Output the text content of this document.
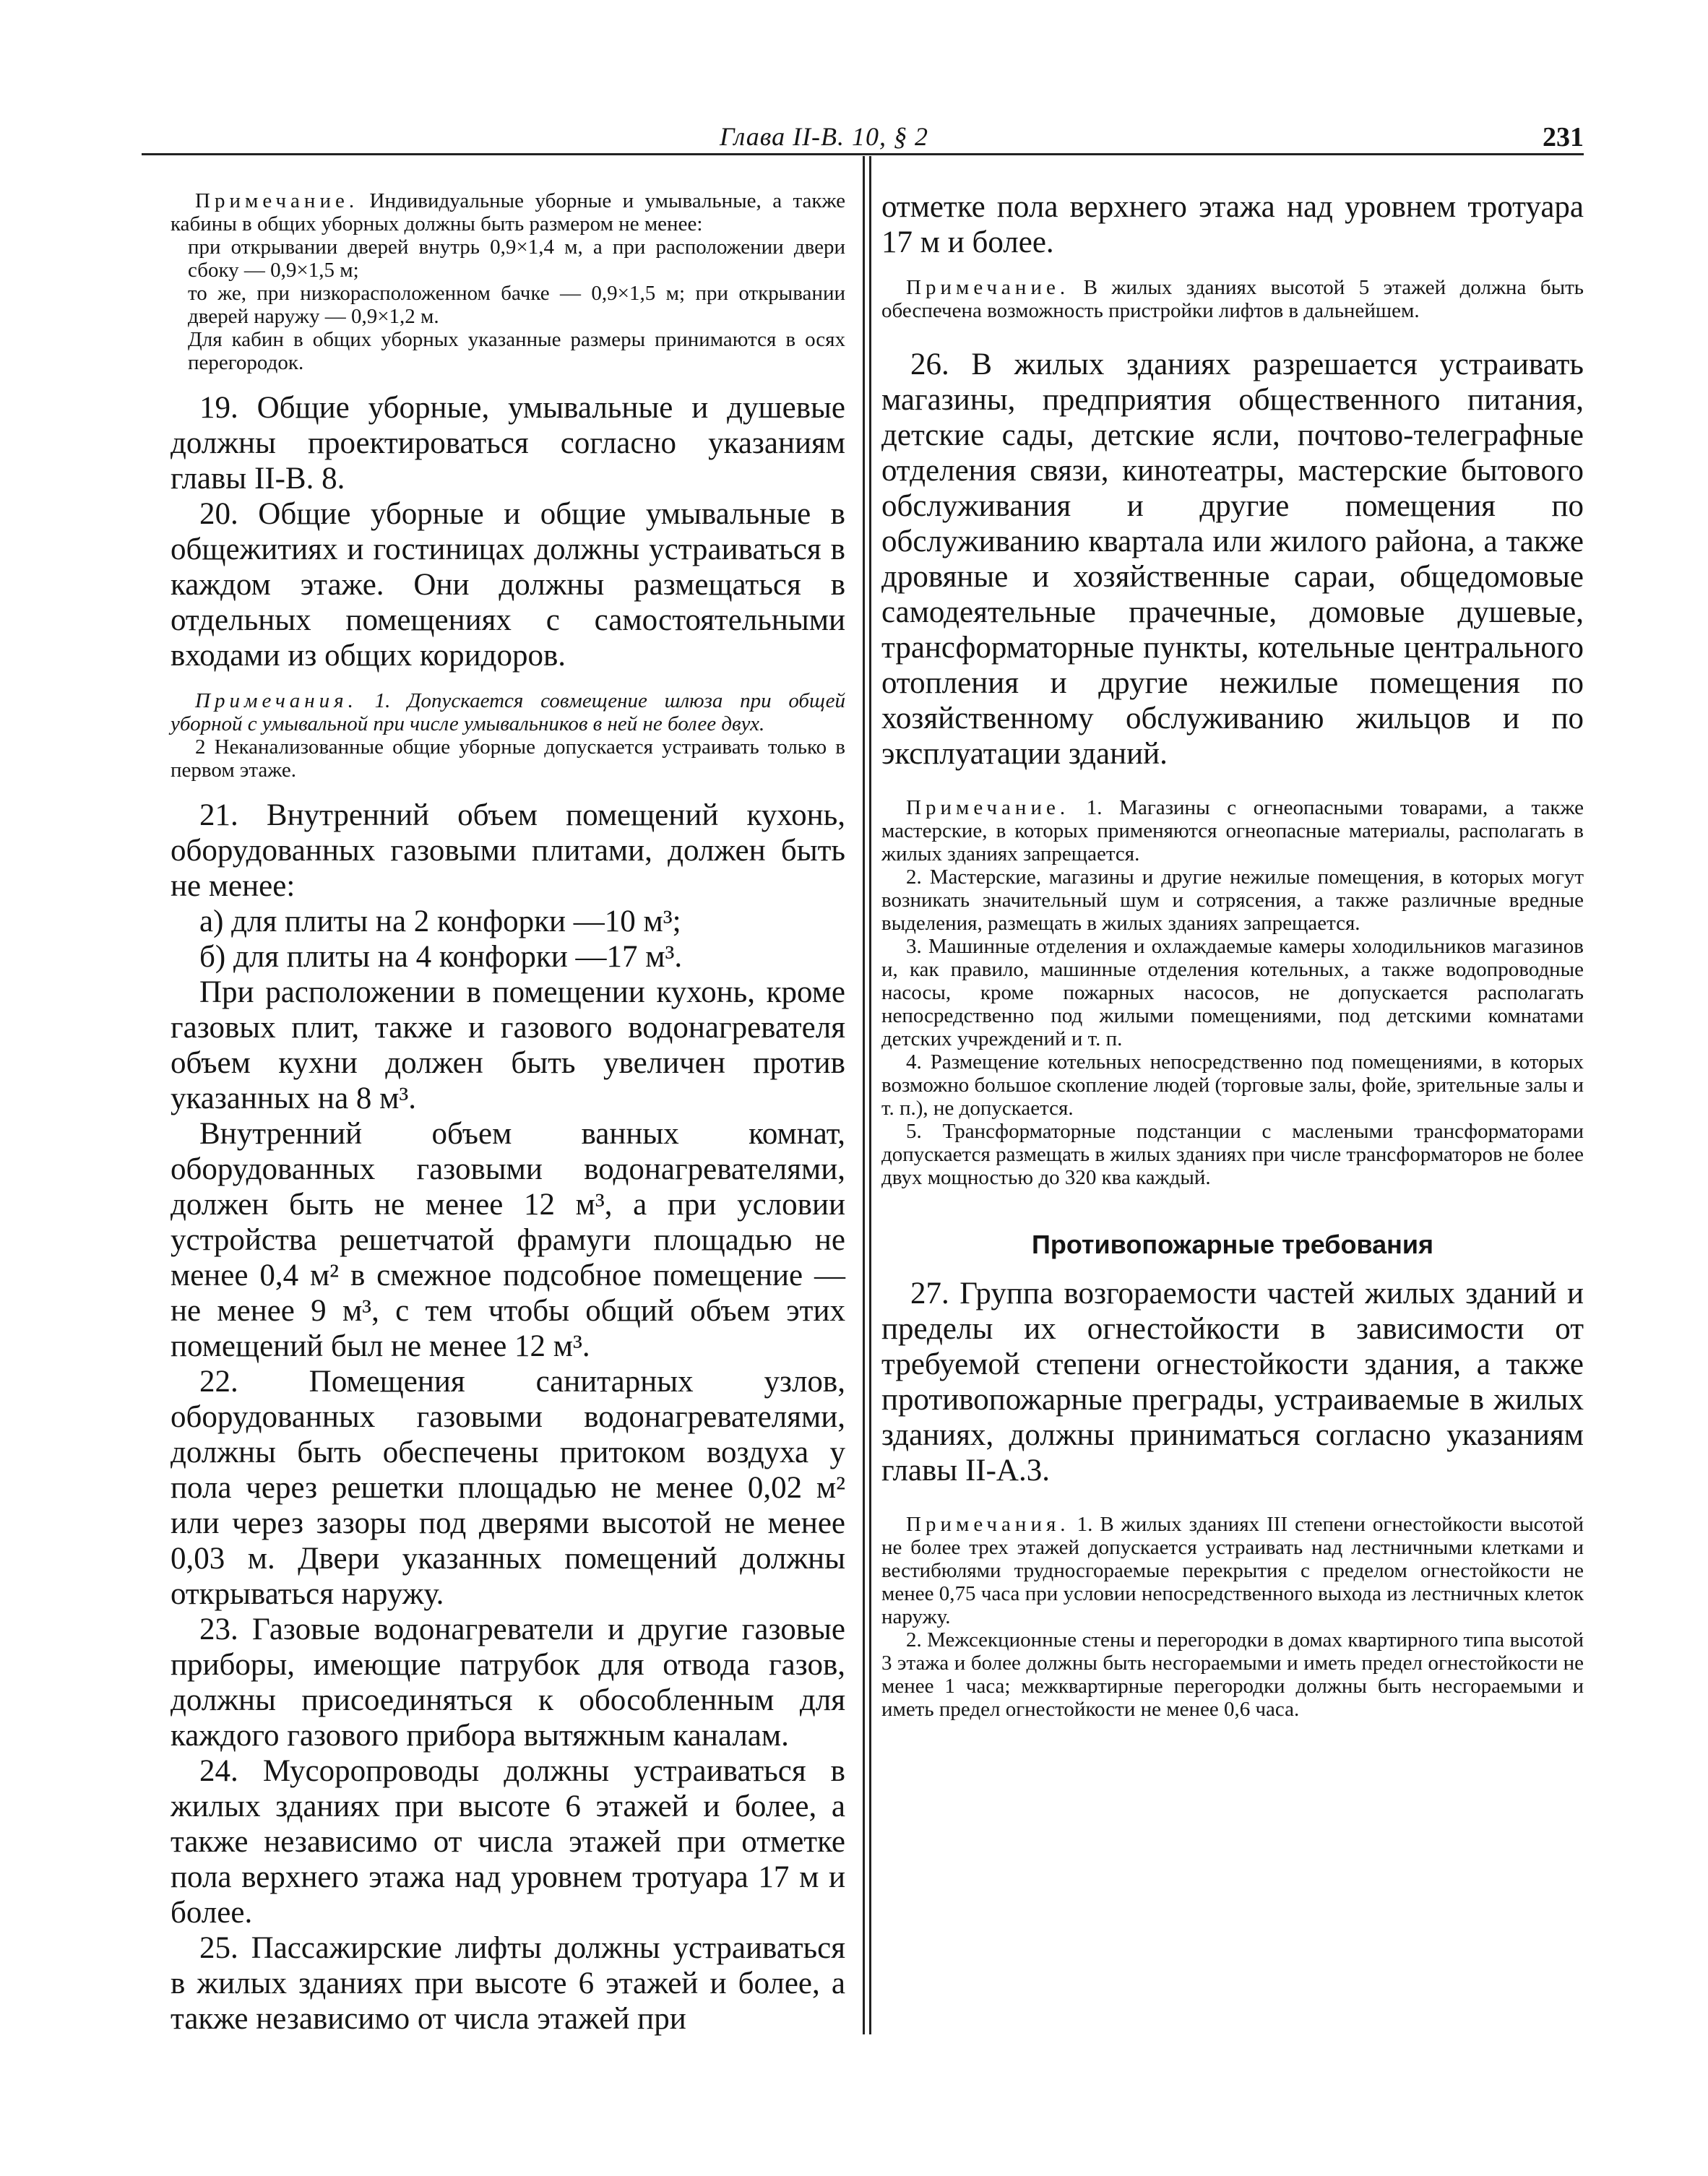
Глава II-В. 10, § 2	231

Примечание. Индивидуальные уборные и умывальные, а также кабины в общих уборных должны быть размером не менее:

при открывании дверей внутрь 0,9×1,4 м, а при расположении двери сбоку — 0,9×1,5 м;

то же, при низкорасположенном бачке — 0,9×1,5 м; при открывании дверей наружу — 0,9×1,2 м.

Для кабин в общих уборных указанные размеры принимаются в осях перегородок.

19. Общие уборные, умывальные и душевые должны проектироваться согласно указаниям главы II-В. 8.

20. Общие уборные и общие умывальные в общежитиях и гостиницах должны устраиваться в каждом этаже. Они должны размещаться в отдельных помещениях с самостоятельными входами из общих коридоров.

Примечания. 1. Допускается совмещение шлюза при общей уборной с умывальной при числе умывальников в ней не более двух.

2 Неканализованные общие уборные допускается устраивать только в первом этаже.

21. Внутренний объем помещений кухонь, оборудованных газовыми плитами, должен быть не менее:

а) для плиты на 2 конфорки —10 м³;

б) для плиты на 4 конфорки —17 м³.

При расположении в помещении кухонь, кроме газовых плит, также и газового водонагревателя объем кухни должен быть увеличен против указанных на 8 м³.

Внутренний объем ванных комнат, оборудованных газовыми водонагревателями, должен быть не менее 12 м³, а при условии устройства решетчатой фрамуги площадью не менее 0,4 м² в смежное подсобное помещение — не менее 9 м³, с тем чтобы общий объем этих помещений был не менее 12 м³.

22. Помещения санитарных узлов, оборудованных газовыми водонагревателями, должны быть обеспечены притоком воздуха у пола через решетки площадью не менее 0,02 м² или через зазоры под дверями высотой не менее 0,03 м. Двери указанных помещений должны открываться наружу.

23. Газовые водонагреватели и другие газовые приборы, имеющие патрубок для отвода газов, должны присоединяться к обособленным для каждого газового прибора вытяжным каналам.

24. Мусоропроводы должны устраиваться в жилых зданиях при высоте 6 этажей и более, а также независимо от числа этажей при отметке пола верхнего этажа над уровнем тротуара 17 м и более.

25. Пассажирские лифты должны устраиваться в жилых зданиях при высоте 6 этажей и более, а также независимо от числа этажей при

отметке пола верхнего этажа над уровнем тротуара 17 м и более.

Примечание. В жилых зданиях высотой 5 этажей должна быть обеспечена возможность пристройки лифтов в дальнейшем.

26. В жилых зданиях разрешается устраивать магазины, предприятия общественного питания, детские сады, детские ясли, почтово-телеграфные отделения связи, кинотеатры, мастерские бытового обслуживания и другие помещения по обслуживанию квартала или жилого района, а также дровяные и хозяйственные сараи, общедомовые самодеятельные прачечные, домовые душевые, трансформаторные пункты, котельные центрального отопления и другие нежилые помещения по хозяйственному обслуживанию жильцов и по эксплуатации зданий.

Примечание. 1. Магазины с огнеопасными товарами, а также мастерские, в которых применяются огнеопасные материалы, располагать в жилых зданиях запрещается.

2. Мастерские, магазины и другие нежилые помещения, в которых могут возникать значительный шум и сотрясения, а также различные вредные выделения, размещать в жилых зданиях запрещается.

3. Машинные отделения и охлаждаемые камеры холодильников магазинов и, как правило, машинные отделения котельных, а также водопроводные насосы, кроме пожарных насосов, не допускается располагать непосредственно под жилыми помещениями, под детскими комнатами детских учреждений и т. п.

4. Размещение котельных непосредственно под помещениями, в которых возможно большое скопление людей (торговые залы, фойе, зрительные залы и т. п.), не допускается.

5. Трансформаторные подстанции с маслеными трансформаторами допускается размещать в жилых зданиях при числе трансформаторов не более двух мощностью до 320 ква каждый.

Противопожарные требования

27. Группа возгораемости частей жилых зданий и пределы их огнестойкости в зависимости от требуемой степени огнестойкости здания, а также противопожарные преграды, устраиваемые в жилых зданиях, должны приниматься согласно указаниям главы II-А.3.

Примечания. 1. В жилых зданиях III степени огнестойкости высотой не более трех этажей допускается устраивать над лестничными клетками и вестибюлями трудносгораемые перекрытия с пределом огнестойкости не менее 0,75 часа при условии непосредственного выхода из лестничных клеток наружу.

2. Межсекционные стены и перегородки в домах квартирного типа высотой 3 этажа и более должны быть несгораемыми и иметь предел огнестойкости не менее 1 часа; межквартирные перегородки должны быть несгораемыми и иметь предел огнестойкости не менее 0,6 часа.
